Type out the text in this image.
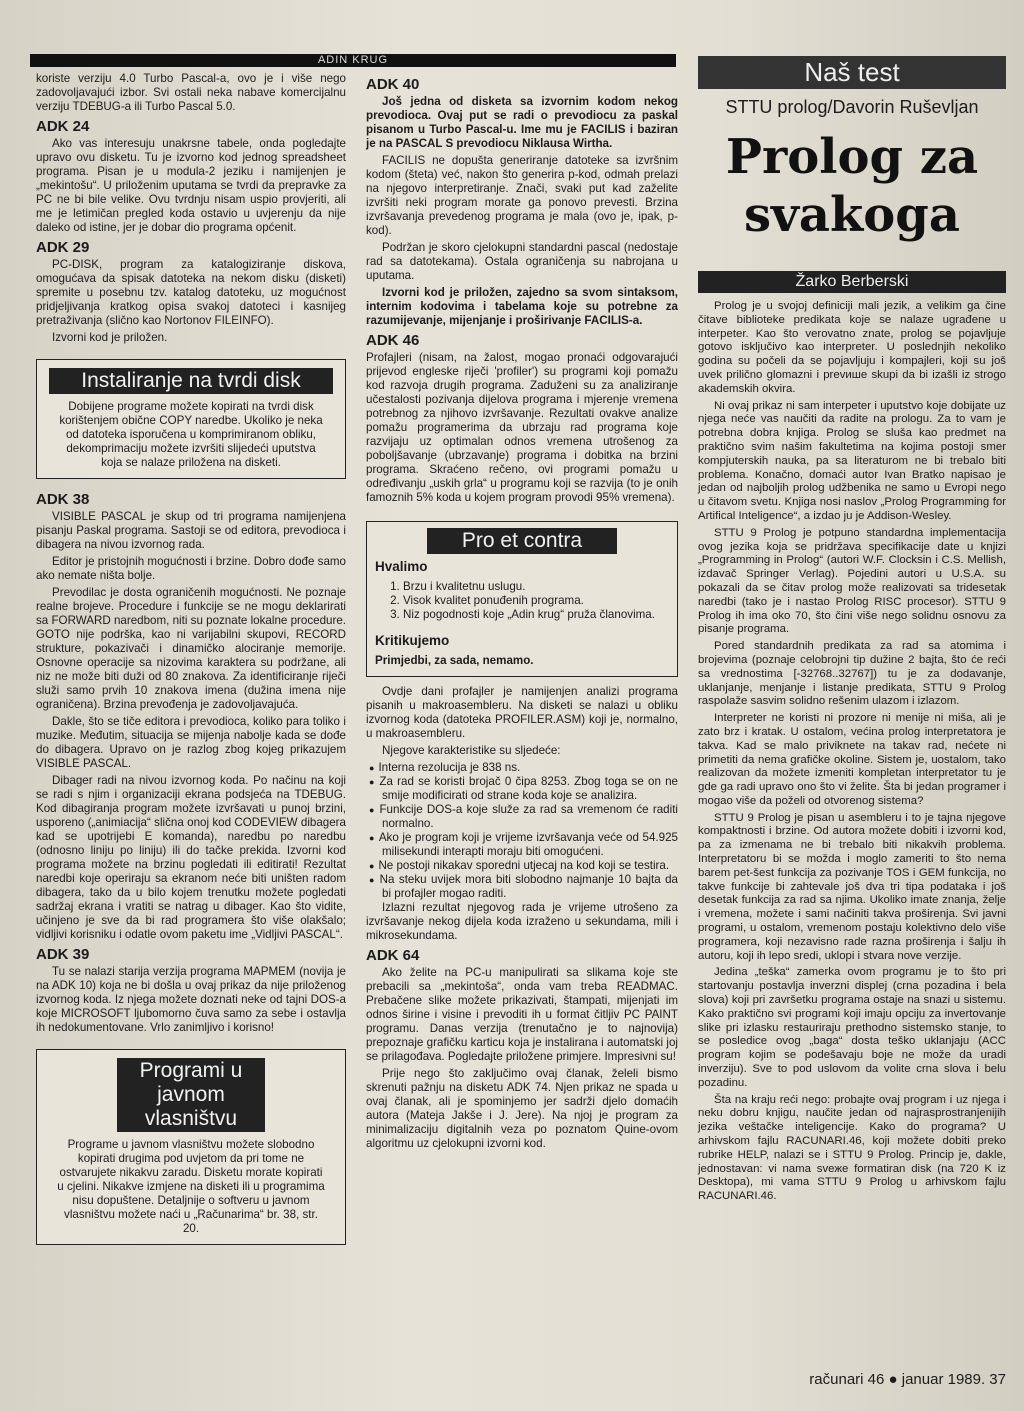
ADIN KRUG

koriste verziju 4.0 Turbo Pascal-a, ovo je i više nego zadovoljavajući izbor. Svi ostali neka nabave komercijalnu verziju TDEBUG-a ili Turbo Pascal 5.0.

ADK 24

Ako vas interesuju unakrsne tabele, onda pogledajte upravo ovu disketu. Tu je izvorno kod jednog spreadsheet programa. Pisan je u modula-2 jeziku i namijenjen je „mekintošu“. U priloženim uputama se tvrdi da prepravke za PC ne bi bile velike. Ovu tvrdnju nisam uspio provjeriti, ali me je letimičan pregled koda ostavio u uvjerenju da nije daleko od istine, jer je dobar dio programa općenit.

ADK 29

PC-DISK, program za katalogiziranje diskova, omogućava da spisak datoteka na nekom disku (disketi) spremite u posebnu tzv. katalog datoteku, uz mogućnost pridjeljivanja kratkog opisa svakoj datoteci i kasnijeg pretraživanja (slično kao Nortonov FILEINFO).

Izvorni kod je priložen.

Instaliranje na tvrdi disk
Dobijene programe možete kopirati na tvrdi disk korištenjem obične COPY naredbe. Ukoliko je neka od datoteka isporučena u komprimiranom obliku, dekomprimaciju možete izvršiti slijedeći uputstva koja se nalaze priložena na disketi.
ADK 38

VISIBLE PASCAL je skup od tri programa namijenjena pisanju Paskal programa. Sastoji se od editora, prevodioca i dibagera na nivou izvornog rada.

Editor je pristojnih mogućnosti i brzine. Dobro dođe samo ako nemate ništa bolje.

Prevodilac je dosta ograničenih mogućnosti. Ne poznaje realne brojeve. Procedure i funkcije se ne mogu deklarirati sa FORWARD naredbom, niti su poznate lokalne procedure. GOTO nije podrška, kao ni varijabilni skupovi, RECORD strukture, pokazivači i dinamičko alociranje memorije. Osnovne operacije sa nizovima karaktera su podržane, ali niz ne može biti duži od 80 znakova. Za identificiranje riječi služi samo prvih 10 znakova imena (dužina imena nije ograničena). Brzina prevođenja je zadovoljavajuća.

Dakle, što se tiče editora i prevodioca, koliko para toliko i muzike. Međutim, situacija se mijenja nabolje kada se dođe do dibagera. Upravo on je razlog zbog kojeg prikazujem VISIBLE PASCAL.

Dibager radi na nivou izvornog koda. Po načinu na koji se radi s njim i organizaciji ekrana podsjeća na TDEBUG. Kod dibagiranja program možete izvršavati u punoj brzini, usporeno („animiacija“ slična onoj kod CODEVIEW dibagera kad se upotrijebi E komanda), naredbu po naredbu (odnosno liniju po liniju) ili do tačke prekida. Izvorni kod programa možete na brzinu pogledati ili editirati! Rezultat naredbi koje operiraju sa ekranom neće biti uništen radom dibagera, tako da u bilo kojem trenutku možete pogledati sadržaj ekrana i vratiti se natrag u dibager. Kao što vidite, učinjeno je sve da bi rad programera što više olakšalo; vidljivi korisniku i odatle ovom paketu ime „Vidljivi PASCAL“.

ADK 39

Tu se nalazi starija verzija programa MAPMEM (novija je na ADK 10) koja ne bi došla u ovaj prikaz da nije priloženog izvornog koda. Iz njega možete doznati neke od tajni DOS-a koje MICROSOFT ljubomorno čuva samo za sebe i ostavlja ih nedokumentovane. Vrlo zanimljivo i korisno!

Programi u javnom vlasništvu
Programe u javnom vlasništvu možete slobodno kopirati drugima pod uvjetom da pri tome ne ostvarujete nikakvu zaradu. Disketu morate kopirati u cjelini. Nikakve izmjene na disketi ili u programima nisu dopuštene. Detaljnije o softveru u javnom vlasništvu možete naći u „Računarima“ br. 38, str. 20.
ADK 40

Još jedna od disketa sa izvornim kodom nekog prevodioca. Ovaj put se radi o prevodiocu za paskal pisanom u Turbo Pascal-u. Ime mu je FACILIS i baziran je na PASCAL S prevodiocu Niklausa Wirtha.

FACILIS ne dopušta generiranje datoteke sa izvršnim kodom (šteta) već, nakon što generira p-kod, odmah prelazi na njegovo interpretiranje. Znači, svaki put kad zaželite izvršiti neki program morate ga ponovo prevesti. Brzina izvršavanja prevedenog programa je mala (ovo je, ipak, p-kod).

Podržan je skoro cjelokupni standardni pascal (nedostaje rad sa datotekama). Ostala ograničenja su nabrojana u uputama.

Izvorni kod je priložen, zajedno sa svom sintaksom, internim kodovima i tabelama koje su potrebne za razumijevanje, mijenjanje i proširivanje FACILIS-a.

ADK 46

Profajleri (nisam, na žalost, mogao pronaći odgovarajući prijevod engleske riječi 'profiler') su programi koji pomažu kod razvoja drugih programa. Zaduženi su za analiziranje učestalosti pozivanja dijelova programa i mjerenje vremena potrebnog za njihovo izvršavanje. Rezultati ovakve analize pomažu programerima da ubrzaju rad programa koje razvijaju uz optimalan odnos vremena utrošenog za poboljšavanje (ubrzavanje) programa i dobitka na brzini programa. Skraćeno rečeno, ovi programi pomažu u određivanju „uskih grla“ u programu koji se razvija (to je onih famoznih 5% koda u kojem program provodi 95% vremena).

Pro et contra
Hvalimo
1. Brzu i kvalitetnu uslugu.
2. Visok kvalitet ponuđenih programa.
3. Niz pogodnosti koje „Adin krug“ pruža članovima.
Kritikujemo
Primjedbi, za sada, nemamo.

Ovdje dani profajler je namijenjen analizi programa pisanih u makroasembleru. Na disketi se nalazi u obliku izvornog koda (datoteka PROFILER.ASM) koji je, normalno, u makroasembleru.

Njegove karakteristike su sljedeće:

● Interna rezolucija je 838 ns.
● Za rad se koristi brojač 0 čipa 8253. Zbog toga se on ne smije modificirati od strane koda koje se analizira.
● Funkcije DOS-a koje služe za rad sa vremenom će raditi normalno.
● Ako je program koji je vrijeme izvršavanja veće od 54.925 milisekundi interapti moraju biti omogućeni.
● Ne postoji nikakav sporedni utjecaj na kod koji se testira.
● Na steku uvijek mora biti slobodno najmanje 10 bajta da bi profajler mogao raditi.

Izlazni rezultat njegovog rada je vrijeme utrošeno za izvršavanje nekog dijela koda izraženo u sekundama, mili i mikrosekundama.

ADK 64

Ako želite na PC-u manipulirati sa slikama koje ste prebacili sa „mekintoša“, onda vam treba READMAC. Prebačene slike možete prikazivati, štampati, mijenjati im odnos širine i visine i prevoditi ih u format čitljiv PC PAINT programu. Danas verzija (trenutačno je to najnovija) prepoznaje grafičku karticu koja je instalirana i automatski joj se prilagođava. Pogledajte priložene primjere. Impresivni su!

Prije nego što zaključimo ovaj članak, želeli bismo skrenuti pažnju na disketu ADK 74. Njen prikaz ne spada u ovaj članak, ali je spominjemo jer sadrži djelo domaćih autora (Mateja Jakše i J. Jere). Na njoj je program za minimalizaciju digitalnih veza po poznatom Quine-ovom algoritmu uz cjelokupni izvorni kod.

Naš test
STTU prolog/Davorin Ruševljan
Prolog za
svakoga
Žarko Berberski

Prolog je u svojoj definiciji mali jezik, a velikim ga čine čitave biblioteke predikata koje se nalaze ugrađene u interpeter. Kao što verovatno znate, prolog se pojavljuje gotovo isključivo kao interpreter. U poslednjih nekoliko godina su počeli da se pojavljuju i kompajleri, koji su još uvek prilično glomazni i prevише skupi da bi izašli iz strogo akademskih okvira.

Ni ovaj prikaz ni sam interpeter i uputstvo koje dobijate uz njega neće vas naučiti da radite na prologu. Za to vam je potrebna dobra knjiga. Prolog se sluša kao predmet na praktično svim našim fakultetima na kojima postoji smer kompjuterskih nauka, pa sa literaturom ne bi trebalo biti problema. Konačno, domaći autor Ivan Bratko napisao je jedan od najboljih prolog udžbenika ne samo u Evropi nego u čitavom svetu. Knjiga nosi naslov „Prolog Programming for Artifical Inteligence“, a izdao ju je Addison-Wesley.

STTU 9 Prolog je potpuno standardna implementacija ovog jezika koja se pridržava specifikacije date u knjizi „Programming in Prolog“ (autori W.F. Clocksin i C.S. Mellish, izdavač Springer Verlag). Pojedini autori u U.S.A. su pokazali da se čitav prolog može realizovati sa tridesetak naredbi (tako je i nastao Prolog RISC procesor). STTU 9 Prolog ih ima oko 70, što čini više nego solidnu osnovu za pisanje programa.

Pored standardnih predikata za rad sa atomima i brojevima (poznaje celobrojni tip dužine 2 bajta, što će reći sa vrednostima [-32768..32767]) tu je za dodavanje, uklanjanje, menjanje i listanje predikata, STTU 9 Prolog raspolaže sasvim solidno rešenim ulazom i izlazom.

Interpreter ne koristi ni prozore ni menije ni miša, ali je zato brz i kratak. U ostalom, većina prolog interpretatora je takva. Kad se malo priviknete na takav rad, nećete ni primetiti da nema grafičke okoline. Sistem je, uostalom, tako realizovan da možete izmeniti kompletan interpretator tu je gde ga radi upravo ono što vi želite. Šta bi jedan programer i mogao više da poželi od otvorenog sistema?

STTU 9 Prolog je pisan u asembleru i to je tajna njegove kompaktnosti i brzine. Od autora možete dobiti i izvorni kod, pa za izmenama ne bi trebalo biti nikakvih problema. Interpretatoru bi se možda i moglo zameriti to što nema barem pet-šest funkcija za pozivanje TOS i GEM funkcija, no takve funkcije bi zahtevale još dva tri tipa podataka i još desetak funkcija za rad sa njima. Ukoliko imate znanja, želje i vremena, možete i sami načiniti takva proširenja. Svi javni programi, u ostalom, vremenom postaju kolektivno delo više programera, koji nezavisno rade razna proširenja i šalju ih autoru, koji ih lepo sredi, uklopi i stvara nove verzije.

Jedina „teška“ zamerka ovom programu je to što pri startovanju postavlja inverzni displej (crna pozadina i bela slova) koji pri završetku programa ostaje na snazi u sistemu. Kako praktično svi programi koji imaju opciju za invertovanje slike pri izlasku restauriraju prethodno sistemsko stanje, to se posledice ovog „baga“ dosta teško uklanjaju (ACC program kojim se podešavaju boje ne može da uradi inverziju). Sve to pod uslovom da volite crna slova i belu pozadinu.

Šta na kraju reći nego: probajte ovaj program i uz njega i neku dobru knjigu, naučite jedan od najrasprostranjenijih jezika veštačke inteligencije. Kako do programa? U arhivskom fajlu RACUNARI.46, koji možete dobiti preko rubrike HELP, nalazi se i STTU 9 Prolog. Princip je, dakle, jednostavan: vi nama svеже formatiran disk (na 720 K iz Desktopa), mi vama STTU 9 Prolog u arhivskom fajlu RACUNARI.46.

računari 46 ● januar 1989. 37
